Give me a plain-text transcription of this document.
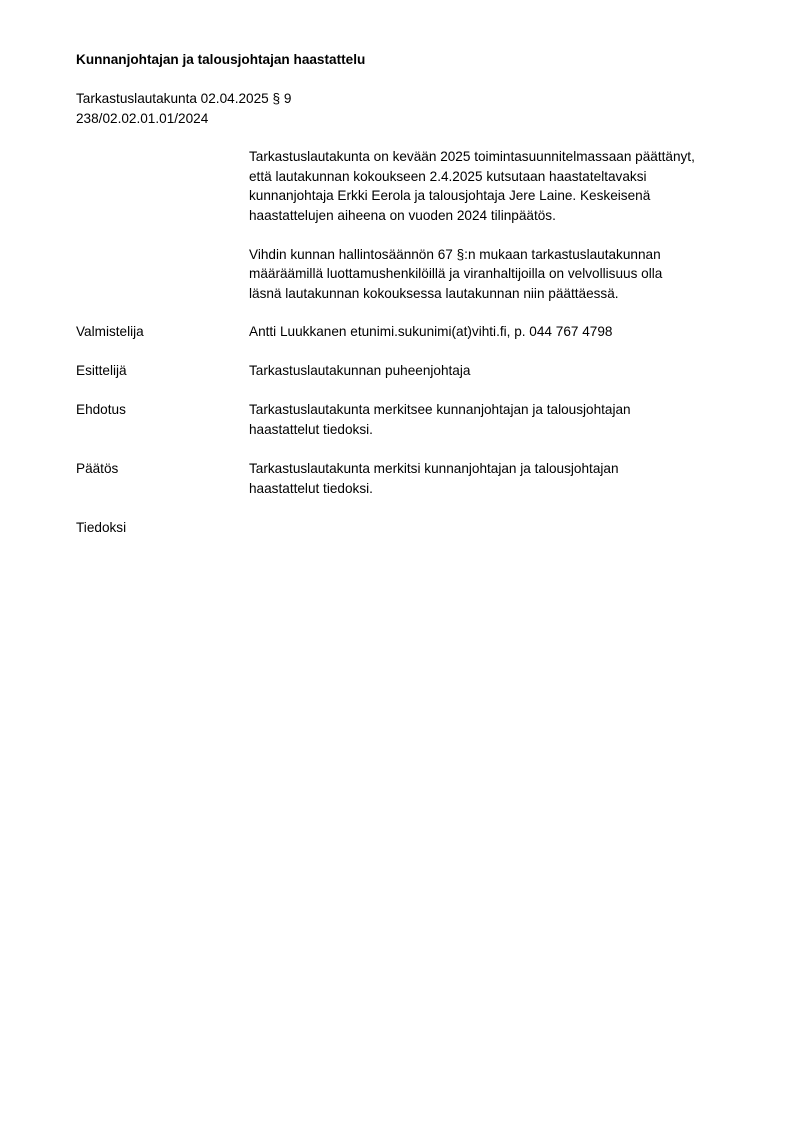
Kunnanjohtajan ja talousjohtajan haastattelu
Tarkastuslautakunta 02.04.2025 § 9
238/02.02.01.01/2024

Tarkastuslautakunta on kevään 2025 toimintasuunnitelmassaan päättänyt,
että lautakunnan kokoukseen 2.4.2025 kutsutaan haastateltavaksi
kunnanjohtaja Erkki Eerola ja talousjohtaja Jere Laine. Keskeisenä
haastattelujen aiheena on vuoden 2024 tilinpäätös.

Vihdin kunnan hallintosäännön 67 §:n mukaan tarkastuslautakunnan
määräämillä luottamushenkilöillä ja viranhaltijoilla on velvollisuus olla
läsnä lautakunnan kokouksessa lautakunnan niin päättäessä.

Valmistelija	Antti Luukkanen etunimi.sukunimi(at)vihti.fi, p. 044 767 4798
Esittelijä	Tarkastuslautakunnan puheenjohtaja
Ehdotus	Tarkastuslautakunta merkitsee kunnanjohtajan ja talousjohtajan
haastattelut tiedoksi.
Päätös	Tarkastuslautakunta merkitsi kunnanjohtajan ja talousjohtajan
haastattelut tiedoksi.
Tiedoksi
